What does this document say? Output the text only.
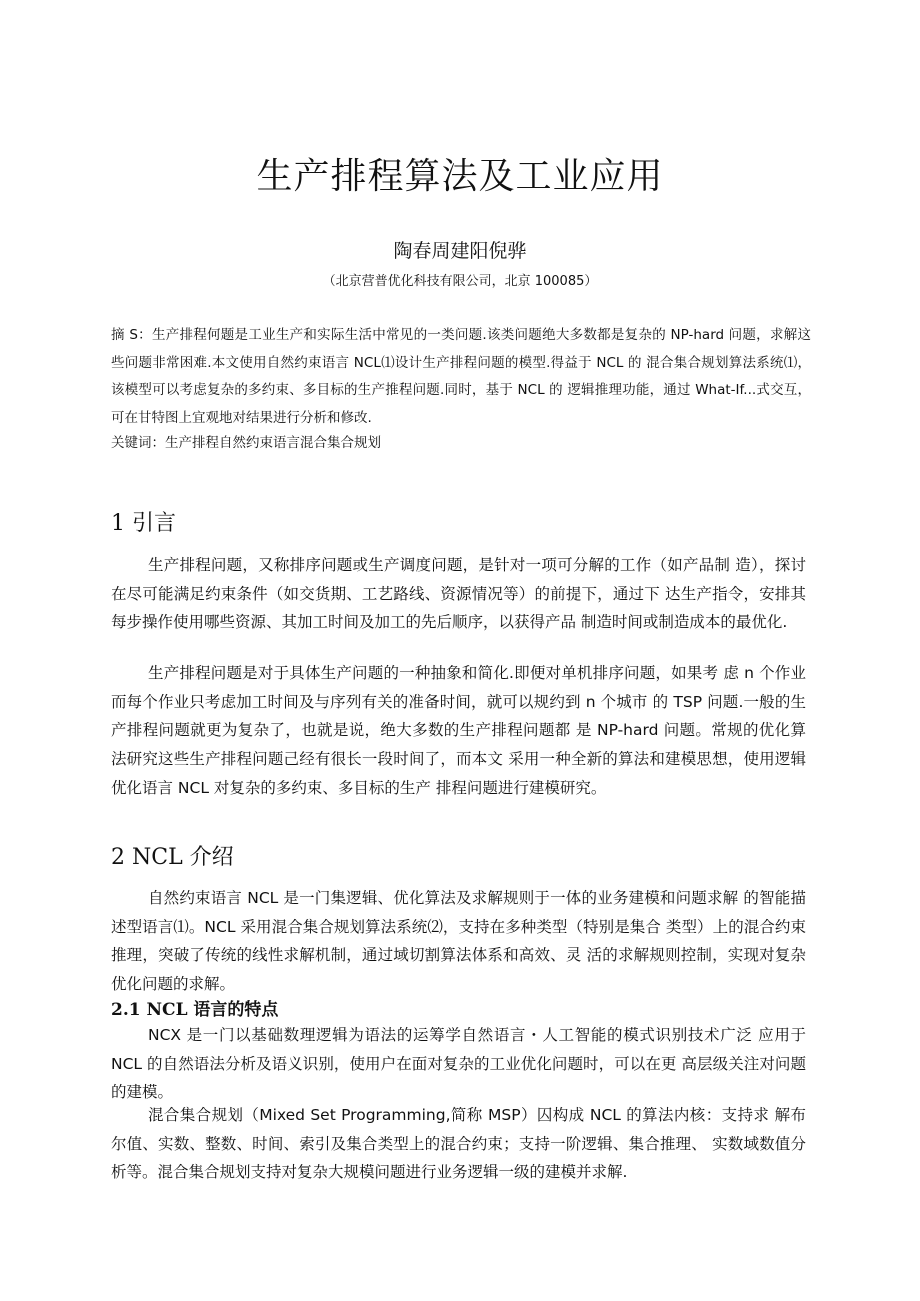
生产排程算法及工业应用
陶春周建阳倪骅
（北京营普优化科技有限公司，北京 100085）
摘 S：生产排程何题是工业生产和实际生活中常见的一类问题.该类问题绝大多数都是复杂的 NP-hard 问题，求解这些问题非常困难.本文使用自然约束语言 NCL⑴设计生产排程问题的模型.得益于 NCL 的 混合集合规划算法系统⑴，该模型可以考虑复杂的多约束、多目标的生产推程问题.同时，基于 NCL 的 逻辑推理功能，通过 What-If...式交互，可在甘特图上宜观地对结果进行分析和修改.
关键词：生产排程自然约束语言混合集合规划
1 引言

生产排程问题，又称排序问题或生产调度问题，是针对一项可分解的工作（如产品制 造），探讨在尽可能满足约束条件（如交货期、工艺路线、资源情况等）的前提下，通过下 达生产指令，安排其每步操作使用哪些资源、其加工时间及加工的先后顺序，以获得产品 制造时间或制造成本的最优化.

生产排程问题是对于具体生产问题的一种抽象和简化.即便对单机排序问题，如果考 虑 n 个作业而每个作业只考虑加工时间及与序列有关的准备时间，就可以规约到 n 个城市 的 TSP 问题.一般的生产排程问题就更为复杂了，也就是说，绝大多数的生产排程问题都 是 NP-hard 问题。常规的优化算法研究这些生产排程问题己经有很长一段时间了，而本文 采用一种全新的算法和建模思想，使用逻辑优化语言 NCL 对复杂的多约束、多目标的生产 排程问题进行建模研究。

2 NCL 介绍

自然约束语言 NCL 是一门集逻辑、优化算法及求解规则于一体的业务建模和问题求解 的智能描述型语言⑴。NCL 采用混合集合规划算法系统⑵，支持在多种类型（特别是集合 类型）上的混合约束推理，突破了传统的线性求解机制，通过域切割算法体系和高效、灵 活的求解规则控制，实现对复杂优化问题的求解。

2.1 NCL 语言的特点

NCX 是一门以基础数理逻辑为语法的运筹学自然语言・人工智能的模式识别技术广泛 应用于 NCL 的自然语法分析及语义识别，使用户在面对复杂的工业优化问题时，可以在更 高层级关注对问题的建模。

混合集合规划（Mixed Set Programming,简称 MSP）囚构成 NCL 的算法内核：支持求 解布尔值、实数、整数、时间、索引及集合类型上的混合约束；支持一阶逻辑、集合推理、 实数域数值分析等。混合集合规划支持对复杂大规模问题进行业务逻辑一级的建模并求解.
